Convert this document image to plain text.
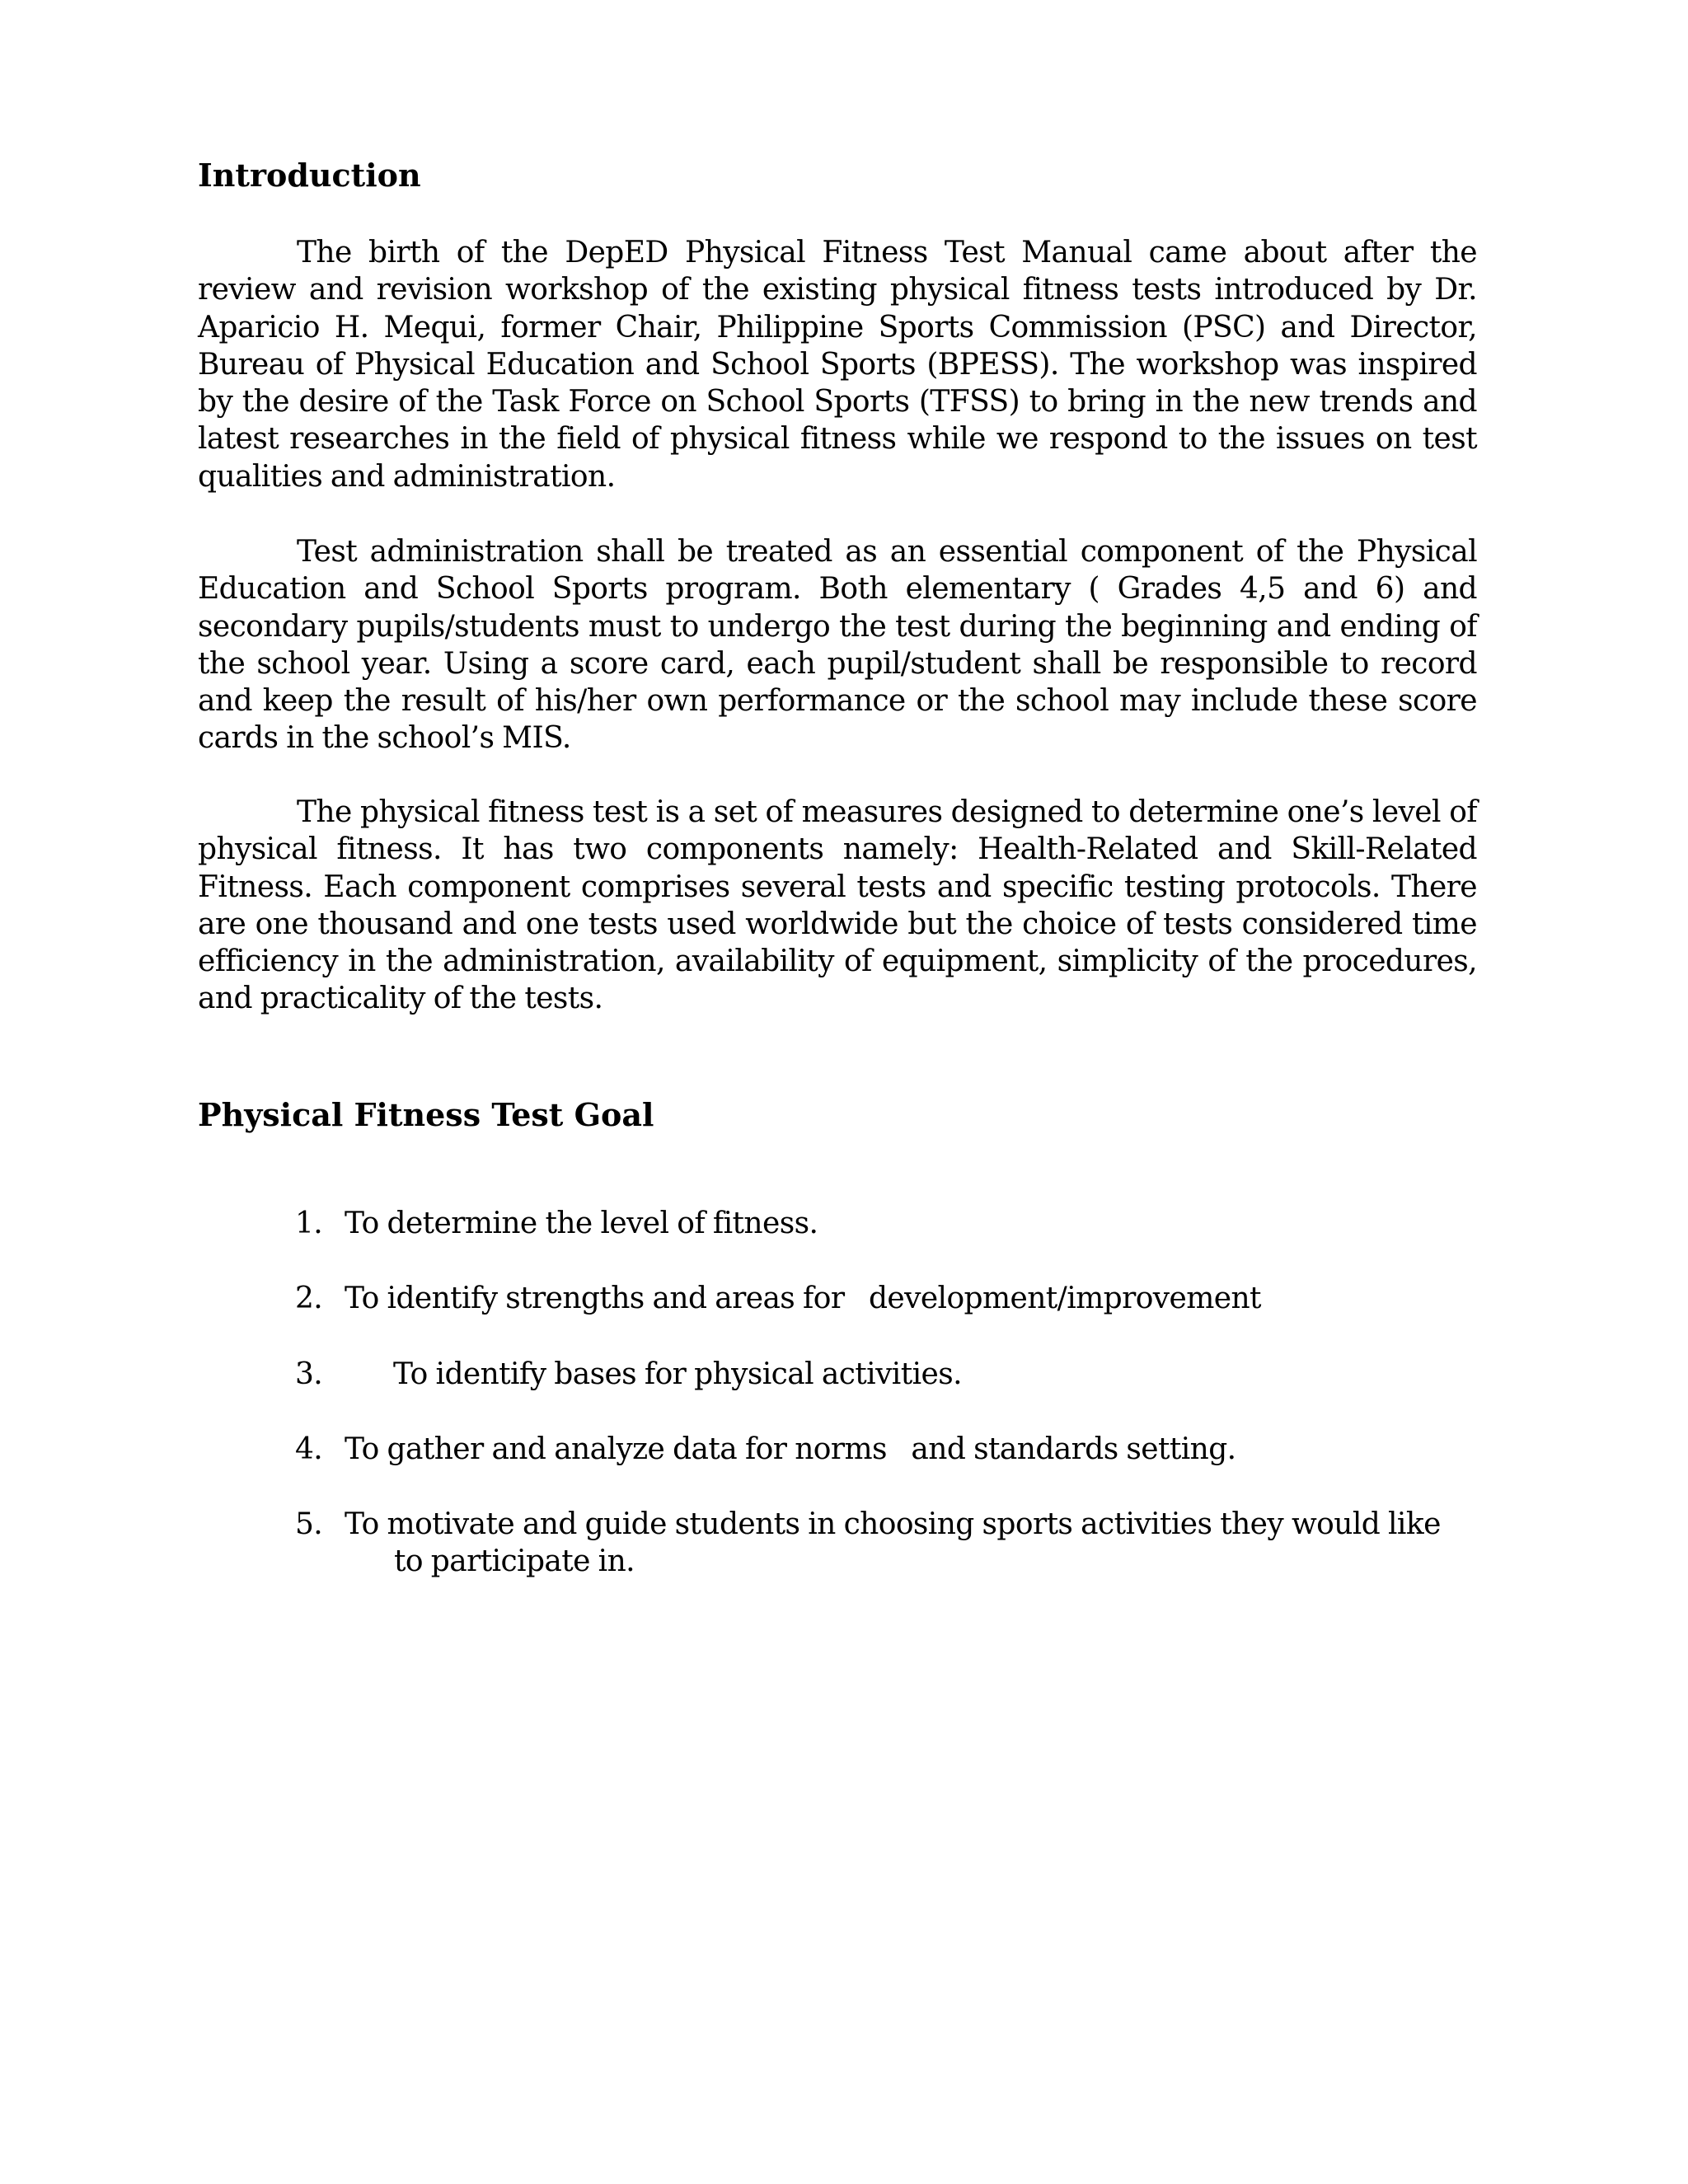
Introduction

The birth of the DepED Physical Fitness Test Manual came about after the review and revision workshop of the existing physical fitness tests introduced by Dr. Aparicio H. Mequi, former Chair, Philippine Sports Commission (PSC) and Director, Bureau of Physical Education and School Sports (BPESS). The workshop was inspired by the desire of the Task Force on School Sports (TFSS) to bring in the new trends and latest researches in the field of physical fitness while we respond to the issues on test qualities and administration.

Test administration shall be treated as an essential component of the Physical Education and School Sports program. Both elementary ( Grades 4,5 and 6) and secondary pupils/students must to undergo the test during the beginning and ending of the school year. Using a score card, each pupil/student shall be responsible to record and keep the result of his/her own performance or the school may include these score cards in the school’s MIS.

The physical fitness test is a set of measures designed to determine one’s level of physical fitness. It has two components namely: Health-Related and Skill-Related Fitness. Each component comprises several tests and specific testing protocols. There are one thousand and one tests used worldwide but the choice of tests considered time efficiency in the administration, availability of equipment, simplicity of the procedures, and practicality of the tests.

Physical Fitness Test Goal
1. To determine the level of fitness.
2. To identify strengths and areas for   development/improvement
3. To identify bases for physical activities.
4. To gather and analyze data for norms   and standards setting.
5. To motivate and guide students in choosing sports activities they would like to participate in.
